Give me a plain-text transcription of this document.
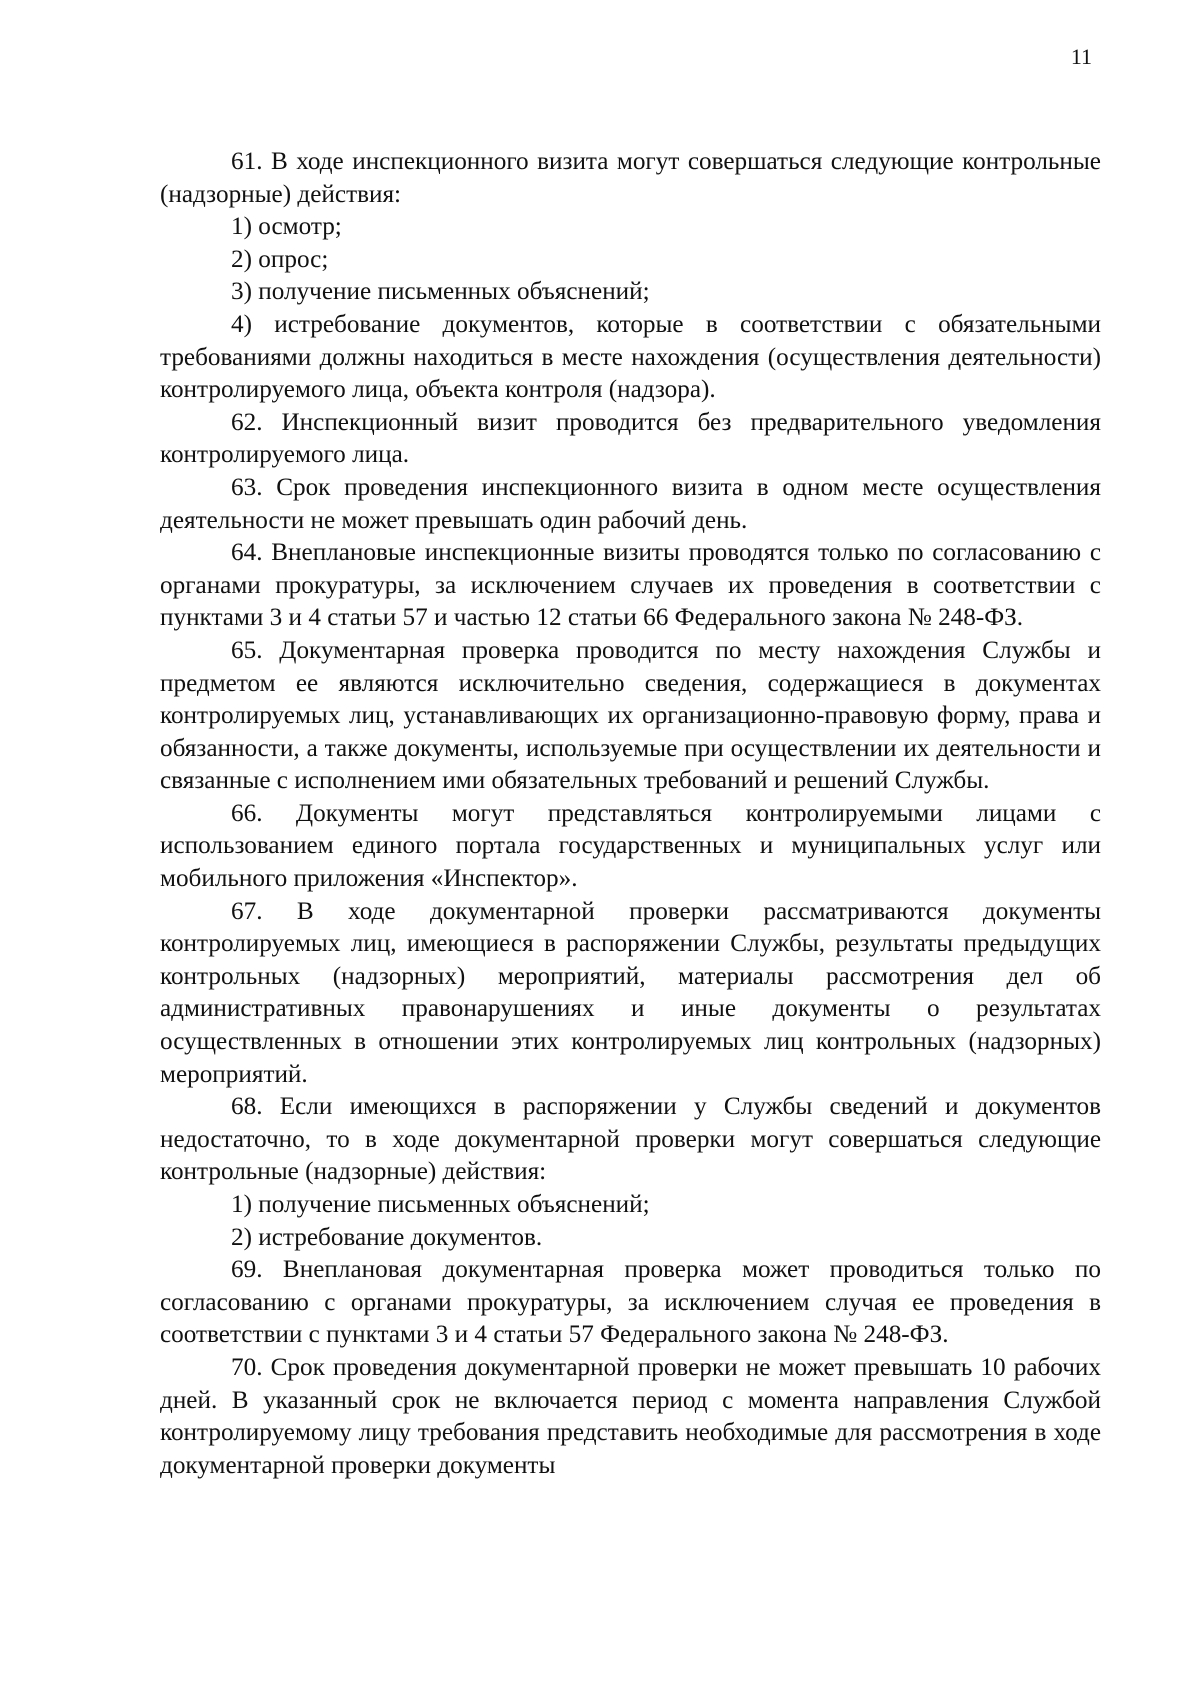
11

61. В ходе инспекционного визита могут совершаться следующие контрольные (надзорные) действия:

1) осмотр;

2) опрос;

3) получение письменных объяснений;

4) истребование документов, которые в соответствии с обязательными требованиями должны находиться в месте нахождения (осуществления деятельности) контролируемого лица, объекта контроля (надзора).

62. Инспекционный визит проводится без предварительного уведомления контролируемого лица.

63. Срок проведения инспекционного визита в одном месте осуществления деятельности не может превышать один рабочий день.

64. Внеплановые инспекционные визиты проводятся только по согласованию с органами прокуратуры, за исключением случаев их проведения в соответствии с пунктами 3 и 4 статьи 57 и частью 12 статьи 66 Федерального закона № 248-ФЗ.

65. Документарная проверка проводится по месту нахождения Службы и предметом ее являются исключительно сведения, содержащиеся в документах контролируемых лиц, устанавливающих их организационно-правовую форму, права и обязанности, а также документы, используемые при осуществлении их деятельности и связанные с исполнением ими обязательных требований и решений Службы.

66. Документы могут представляться контролируемыми лицами с использованием единого портала государственных и муниципальных услуг или мобильного приложения «Инспектор».

67. В ходе документарной проверки рассматриваются документы контролируемых лиц, имеющиеся в распоряжении Службы, результаты предыдущих контрольных (надзорных) мероприятий, материалы рассмотрения дел об административных правонарушениях и иные документы о результатах осуществленных в отношении этих контролируемых лиц контрольных (надзорных) мероприятий.

68. Если имеющихся в распоряжении у Службы сведений и документов недостаточно, то в ходе документарной проверки могут совершаться следующие контрольные (надзорные) действия:

1) получение письменных объяснений;

2) истребование документов.

69. Внеплановая документарная проверка может проводиться только по согласованию с органами прокуратуры, за исключением случая ее проведения в соответствии с пунктами 3 и 4 статьи 57 Федерального закона № 248-ФЗ.

70. Срок проведения документарной проверки не может превышать 10 рабочих дней. В указанный срок не включается период с момента направления Службой контролируемому лицу требования представить необходимые для рассмотрения в ходе документарной проверки документы
